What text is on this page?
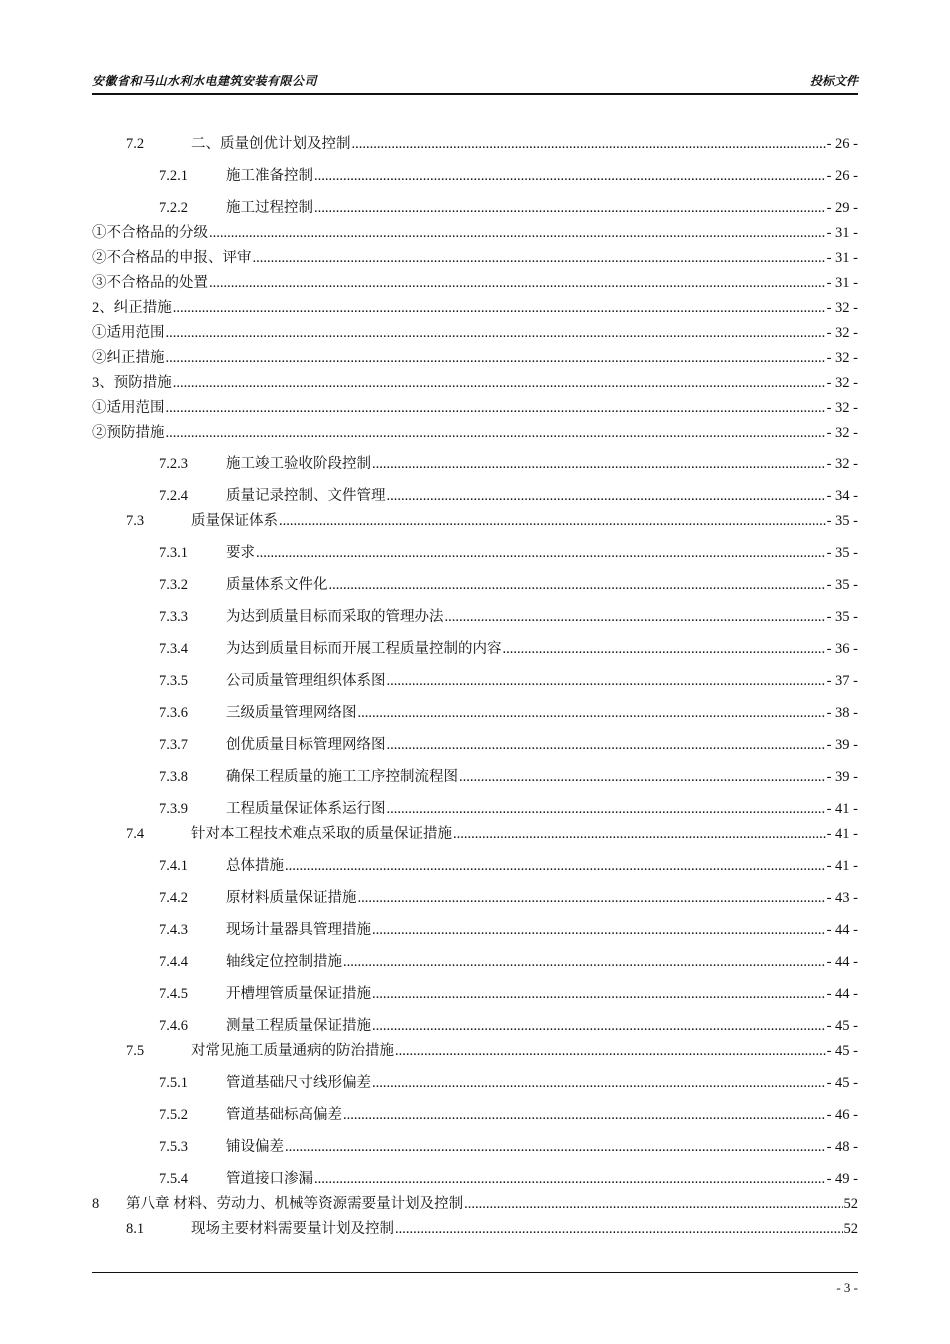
安徽省和马山水利水电建筑安装有限公司	投标文件
7.2	二、质量创优计划及控制 .....	- 26 -
7.2.1	施工准备控制 .....	- 26 -
7.2.2	施工过程控制 .....	- 29 -
①不合格品的分级 .....	- 31 -
②不合格品的申报、评审 .....	- 31 -
③不合格品的处置 .....	- 31 -
2、纠正措施 .....	- 32 -
①适用范围 .....	- 32 -
②纠正措施 .....	- 32 -
3、预防措施 .....	- 32 -
①适用范围 .....	- 32 -
②预防措施 .....	- 32 -
7.2.3	施工竣工验收阶段控制 .....	- 32 -
7.2.4	质量记录控制、文件管理 .....	- 34 -
7.3	质量保证体系 .....	- 35 -
7.3.1	要求 .....	- 35 -
7.3.2	质量体系文件化 .....	- 35 -
7.3.3	为达到质量目标而采取的管理办法 .....	- 35 -
7.3.4	为达到质量目标而开展工程质量控制的内容 .....	- 36 -
7.3.5	公司质量管理组织体系图 .....	- 37 -
7.3.6	三级质量管理网络图 .....	- 38 -
7.3.7	创优质量目标管理网络图 .....	- 39 -
7.3.8	确保工程质量的施工工序控制流程图 .....	- 39 -
7.3.9	工程质量保证体系运行图 .....	- 41 -
7.4	针对本工程技术难点采取的质量保证措施 .....	- 41 -
7.4.1	总体措施 .....	- 41 -
7.4.2	原材料质量保证措施 .....	- 43 -
7.4.3	现场计量器具管理措施 .....	- 44 -
7.4.4	轴线定位控制措施 .....	- 44 -
7.4.5	开槽埋管质量保证措施 .....	- 44 -
7.4.6	测量工程质量保证措施 .....	- 45 -
7.5	对常见施工质量通病的防治措施 .....	- 45 -
7.5.1	管道基础尺寸线形偏差 .....	- 45 -
7.5.2	管道基础标高偏差 .....	- 46 -
7.5.3	铺设偏差 .....	- 48 -
7.5.4	管道接口渗漏 .....	- 49 -
8 第八章 材料、劳动力、机械等资源需要量计划及控制 .....	52
8.1	现场主要材料需要量计划及控制 .....	52
- 3 -
